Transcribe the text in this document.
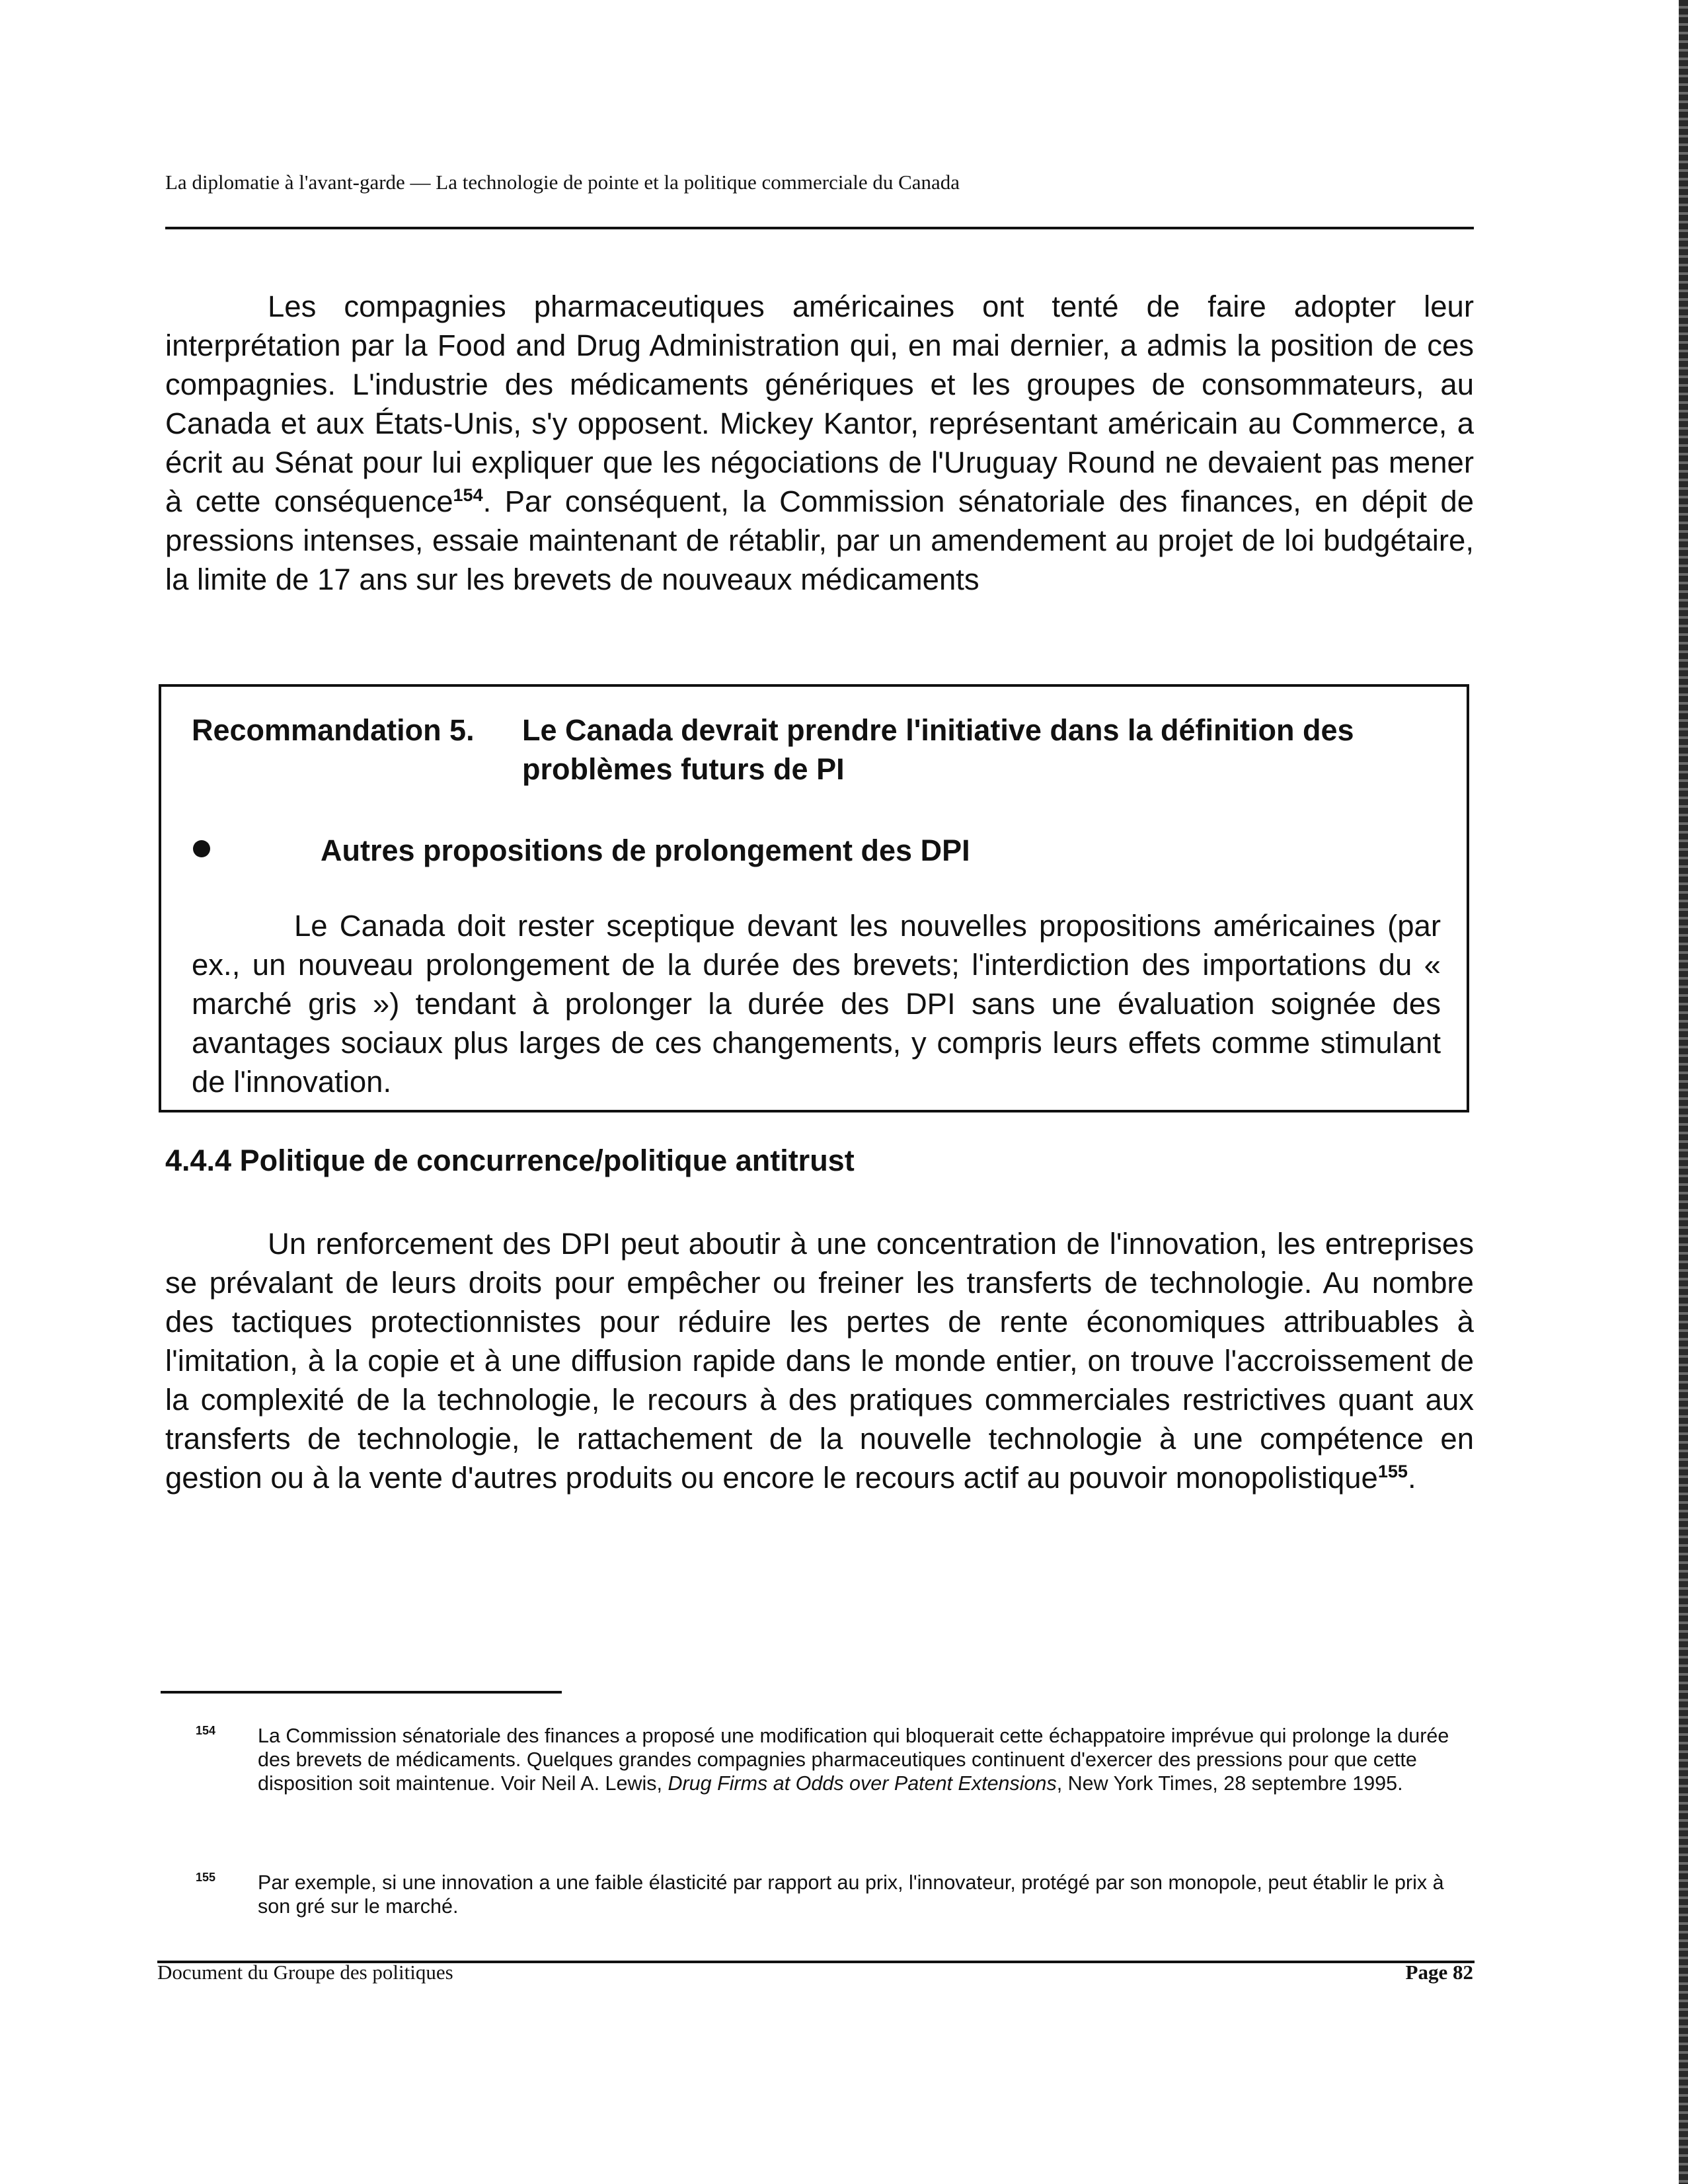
La diplomatie à l'avant-garde — La technologie de pointe et la politique commerciale du Canada

Les compagnies pharmaceutiques américaines ont tenté de faire adopter leur interprétation par la Food and Drug Administration qui, en mai dernier, a admis la position de ces compagnies. L'industrie des médicaments génériques et les groupes de consommateurs, au Canada et aux États-Unis, s'y opposent. Mickey Kantor, représentant américain au Commerce, a écrit au Sénat pour lui expliquer que les négociations de l'Uruguay Round ne devaient pas mener à cette conséquence$^{154}$. Par conséquent, la Commission sénatoriale des finances, en dépit de pressions intenses, essaie maintenant de rétablir, par un amendement au projet de loi budgétaire, la limite de 17 ans sur les brevets de nouveaux médicaments

Recommandation 5. Le Canada devrait prendre l'initiative dans la définition des problèmes futurs de PI
Autres propositions de prolongement des DPI

Le Canada doit rester sceptique devant les nouvelles propositions américaines (par ex., un nouveau prolongement de la durée des brevets; l'interdiction des importations du « marché gris ») tendant à prolonger la durée des DPI sans une évaluation soignée des avantages sociaux plus larges de ces changements, y compris leurs effets comme stimulant de l'innovation.

4.4.4 Politique de concurrence/politique antitrust

Un renforcement des DPI peut aboutir à une concentration de l'innovation, les entreprises se prévalant de leurs droits pour empêcher ou freiner les transferts de technologie. Au nombre des tactiques protectionnistes pour réduire les pertes de rente économiques attribuables à l'imitation, à la copie et à une diffusion rapide dans le monde entier, on trouve l'accroissement de la complexité de la technologie, le recours à des pratiques commerciales restrictives quant aux transferts de technologie, le rattachement de la nouvelle technologie à une compétence en gestion ou à la vente d'autres produits ou encore le recours actif au pouvoir monopolistique$^{155}$.

154 La Commission sénatoriale des finances a proposé une modification qui bloquerait cette échappatoire imprévue qui prolonge la durée des brevets de médicaments. Quelques grandes compagnies pharmaceutiques continuent d'exercer des pressions pour que cette disposition soit maintenue. Voir Neil A. Lewis, Drug Firms at Odds over Patent Extensions, New York Times, 28 septembre 1995.

155 Par exemple, si une innovation a une faible élasticité par rapport au prix, l'innovateur, protégé par son monopole, peut établir le prix à son gré sur le marché.

Document du Groupe des politiques	Page 82
